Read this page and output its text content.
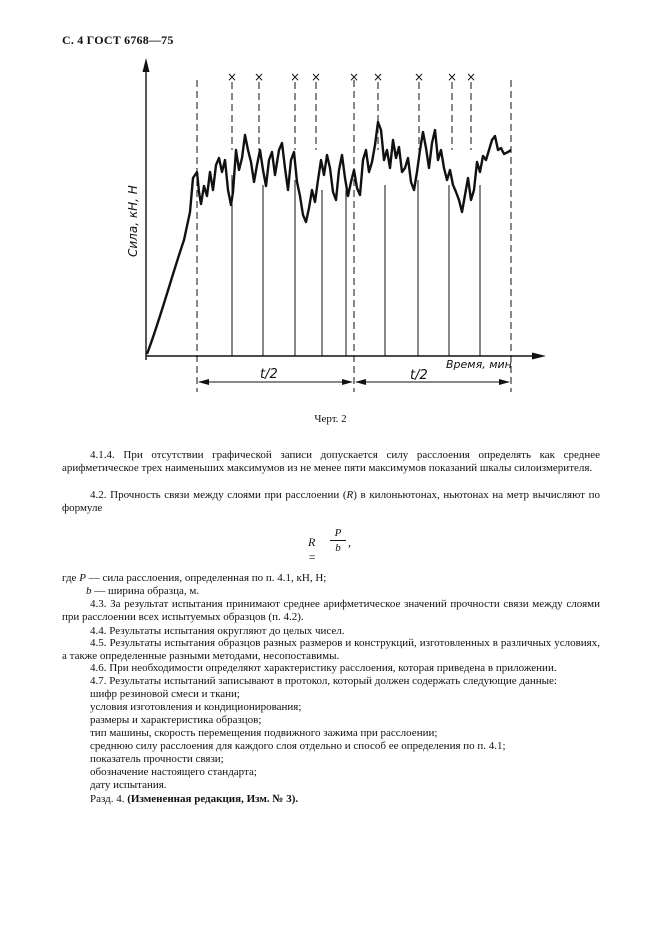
С. 4 ГОСТ 6768—75
Сила, кН, Н
Время, мин
× × × × × ×	× × ×
t/2	t/2
Черт. 2

4.1.4. При отсутствии графической записи допускается силу расслоения определять как среднее арифметическое трех наименьших максимумов из не менее пяти максимумов показаний шкалы силоизмерителя.

4.2. Прочность связи между слоями при расслоении (R) в килоньютонах, ньютонах на метр вычисляют по формуле

R =
P
b ,

где P — сила расслоения, определенная по п. 4.1, кН, Н;

b — ширина образца, м.

4.3. За результат испытания принимают среднее арифметическое значений прочности связи между слоями при расслоении всех испытуемых образцов (п. 4.2).

4.4. Результаты испытания округляют до целых чисел.

4.5. Результаты испытания образцов разных размеров и конструкций, изготовленных в различных условиях, а также определенные разными методами, несопоставимы.

4.6. При необходимости определяют характеристику расслоения, которая приведена в приложении.

4.7. Результаты испытаний записывают в протокол, который должен содержать следующие данные:

шифр резиновой смеси и ткани;

условия изготовления и кондиционирования;

размеры и характеристика образцов;

тип машины, скорость перемещения подвижного зажима при расслоении;

среднюю силу расслоения для каждого слоя отдельно и способ ее определения по п. 4.1;

показатель прочности связи;

обозначение настоящего стандарта;

дату испытания.

Разд. 4. (Измененная редакция, Изм. № 3).
